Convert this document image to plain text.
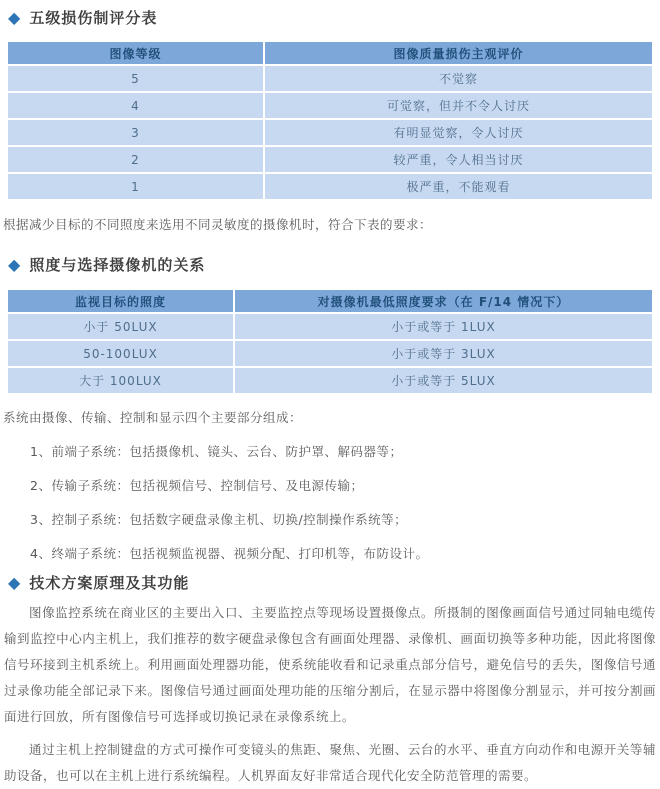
◆ 五级损伤制评分表
图像等级	图像质量损伤主观评价
5	不觉察
4	可觉察，但并不令人讨厌
3	有明显觉察，令人讨厌
2	较严重，令人相当讨厌
1	极严重，不能观看

根据减少目标的不同照度来选用不同灵敏度的摄像机时，符合下表的要求：

◆ 照度与选择摄像机的关系
监视目标的照度	对摄像机最低照度要求（在 F/14 情况下）
小于 50LUX	小于或等于 1LUX
50-100LUX	小于或等于 3LUX
大于 100LUX	小于或等于 5LUX

系统由摄像、传输、控制和显示四个主要部分组成：

1、前端子系统：包括摄像机、镜头、云台、防护罩、解码器等；
2、传输子系统：包括视频信号、控制信号、及电源传输；
3、控制子系统：包括数字硬盘录像主机、切换/控制操作系统等；
4、终端子系统：包括视频监视器、视频分配、打印机等，布防设计。
◆ 技术方案原理及其功能

图像监控系统在商业区的主要出入口、主要监控点等现场设置摄像点。所摄制的图像画面信号通过同轴电缆传输到监控中心内主机上，我们推荐的数字硬盘录像包含有画面处理器、录像机、画面切换等多种功能，因此将图像信号环接到主机系统上。利用画面处理器功能，使系统能收看和记录重点部分信号，避免信号的丢失，图像信号通过录像功能全部记录下来。图像信号通过画面处理功能的压缩分割后，在显示器中将图像分割显示，并可按分割画面进行回放，所有图像信号可选择或切换记录在录像系统上。

通过主机上控制键盘的方式可操作可变镜头的焦距、聚焦、光圈、云台的水平、垂直方向动作和电源开关等辅助设备，也可以在主机上进行系统编程。人机界面友好非常适合现代化安全防范管理的需要。
